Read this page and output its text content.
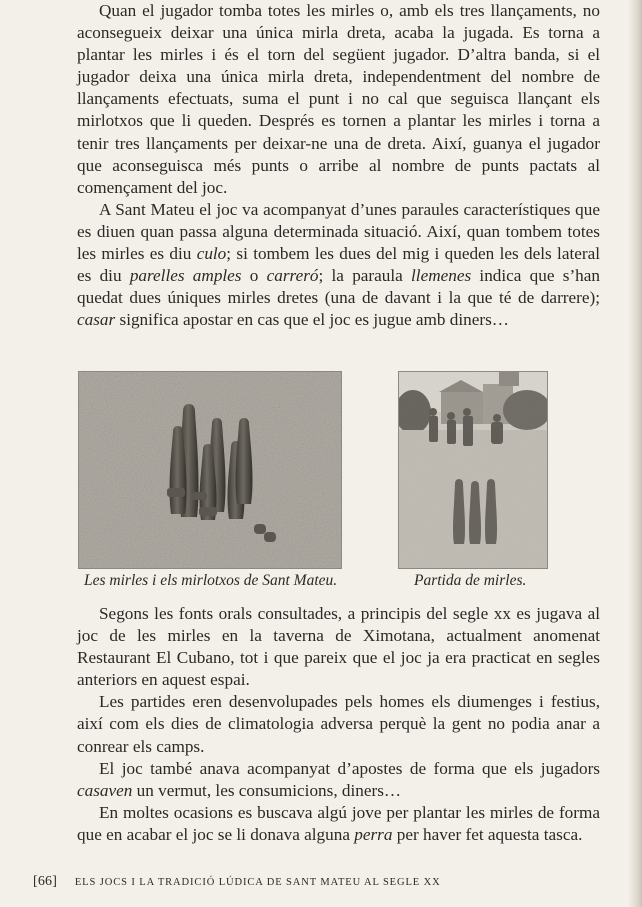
Quan el jugador tomba totes les mirles o, amb els tres llançaments, no aconsegueix deixar una única mirla dreta, acaba la jugada. Es torna a plantar les mirles i és el torn del següent jugador. D’altra banda, si el jugador deixa una única mirla dreta, independentment del nombre de llançaments efectuats, suma el punt i no cal que seguisca llançant els mirlotxos que li queden. Després es tornen a plantar les mirles i torna a tenir tres llançaments per deixar-ne una de dreta. Així, guanya el jugador que aconseguisca més punts o arribe al nombre de punts pactats al començament del joc.

A Sant Mateu el joc va acompanyat d’unes paraules característiques que es diuen quan passa alguna determinada situació. Així, quan tombem totes les mirles es diu culo; si tombem les dues del mig i queden les dels lateral es diu parelles amples o carreró; la paraula llemenes indica que s’han quedat dues úniques mirles dretes (una de davant i la que té de darrere); casar significa apostar en cas que el joc es jugue amb diners…

Les mirles i els mirlotxos de Sant Mateu.	Partida de mirles.

Segons les fonts orals consultades, a principis del segle xx es jugava al joc de les mirles en la taverna de Ximotana, actualment anomenat Restaurant El Cubano, tot i que pareix que el joc ja era practicat en segles anteriors en aquest espai.

Les partides eren desenvolupades pels homes els diumenges i festius, així com els dies de climatologia adversa perquè la gent no podia anar a conrear els camps.

El joc també anava acompanyat d’apostes de forma que els jugadors casaven un vermut, les consumicions, diners…

En moltes ocasions es buscava algú jove per plantar les mirles de forma que en acabar el joc se li donava alguna perra per haver fet aquesta tasca.

[66] ELS JOCS I LA TRADICIÓ LÚDICA DE SANT MATEU AL SEGLE XX
